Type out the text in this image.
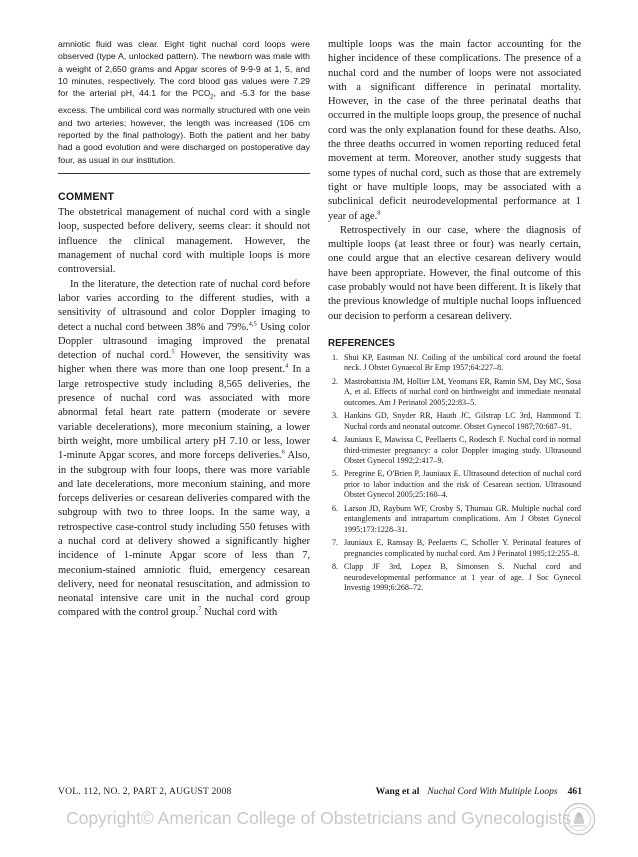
amniotic fluid was clear. Eight tight nuchal cord loops were observed (type A, unlocked pattern). The newborn was male with a weight of 2,650 grams and Apgar scores of 9-9-9 at 1, 5, and 10 minutes, respectively. The cord blood gas values were 7.29 for the arterial pH, 44.1 for the $PCO_2$, and -5.3 for the base excess. The umbilical cord was normally structured with one vein and two arteries; however, the length was increased (106 cm reported by the final pathology). Both the patient and her baby had a good evolution and were discharged on postoperative day four, as usual in our institution.

COMMENT

The obstetrical management of nuchal cord with a single loop, suspected before delivery, seems clear: it should not influence the clinical management. However, the management of nuchal cord with multiple loops is more controversial.

In the literature, the detection rate of nuchal cord before labor varies according to the different studies, with a sensitivity of ultrasound and color Doppler imaging to detect a nuchal cord between 38% and 79%.$^{4,5}$ Using color Doppler ultrasound imaging improved the prenatal detection of nuchal cord.$^5$ However, the sensitivity was higher when there was more than one loop present.$^4$ In a large retrospective study including 8,565 deliveries, the presence of nuchal cord was associated with more abnormal fetal heart rate pattern (moderate or severe variable decelerations), more meconium staining, a lower birth weight, more umbilical artery pH 7.10 or less, lower 1-minute Apgar scores, and more forceps deliveries.$^6$ Also, in the subgroup with four loops, there was more variable and late decelerations, more meconium staining, and more forceps deliveries or cesarean deliveries compared with the subgroup with two to three loops. In the same way, a retrospective case-control study including 550 fetuses with a nuchal cord at delivery showed a significantly higher incidence of 1-minute Apgar score of less than 7, meconium-stained amniotic fluid, emergency cesarean delivery, need for neonatal resuscitation, and admission to neonatal intensive care unit in the nuchal cord group compared with the control group.$^7$ Nuchal cord with

multiple loops was the main factor accounting for the higher incidence of these complications. The presence of a nuchal cord and the number of loops were not associated with a significant difference in perinatal mortality. However, in the case of the three perinatal deaths that occurred in the multiple loops group, the presence of nuchal cord was the only explanation found for these deaths. Also, the three deaths occurred in women reporting reduced fetal movement at term. Moreover, another study suggests that some types of nuchal cord, such as those that are extremely tight or have multiple loops, may be associated with a subclinical deficit neurodevelopmental performance at 1 year of age.$^8$

Retrospectively in our case, where the diagnosis of multiple loops (at least three or four) was nearly certain, one could argue that an elective cesarean delivery would have been appropriate. However, the final outcome of this case probably would not have been different. It is likely that the previous knowledge of multiple nuchal loops influenced our decision to perform a cesarean delivery.

REFERENCES
1. Shui KP, Eastman NJ. Coiling of the umbilical cord around the foetal neck. J Obstet Gynaecol Br Emp 1957;64:227–8.
2. Mastrobattista JM, Hollier LM, Yeomans ER, Ramin SM, Day MC, Sosa A, et al. Effects of nuchal cord on birthweight and immediate neonatal outcomes. Am J Perinatol 2005;22:83–5.
3. Hankins GD, Snyder RR, Hauth JC, Gilstrap LC 3rd, Hammond T. Nuchal cords and neonatal outcome. Obstet Gynecol 1987;70:687–91.
4. Jauniaux E, Mawissa C, Peellaerts C, Rodesch F. Nuchal cord in normal third-trimester pregnancy: a color Doppler imaging study. Ultrasound Obstet Gynecol 1992;2:417–9.
5. Peregrine E, O'Brien P, Jauniaux E. Ultrasound detection of nuchal cord prior to labor induction and the risk of Cesarean section. Ultrasound Obstet Gynecol 2005;25:160–4.
6. Larson JD, Rayburn WF, Crosby S, Thurnau GR. Multiple nuchal cord entanglements and intrapartum complications. Am J Obstet Gynecol 1995;173:1228–31.
7. Jauniaux E, Ramsay B, Peelaerts C, Scholler Y. Perinatal features of pregnancies complicated by nuchal cord. Am J Perinatol 1995;12:255–8.
8. Clapp JF 3rd, Lopez B, Simonsen S. Nuchal cord and neurodevelopmental performance at 1 year of age. J Soc Gynecol Investig 1999;6:268–72.
VOL. 112, NO. 2, PART 2, AUGUST 2008	Wang et al Nuchal Cord With Multiple Loops 461
Copyright© American College of Obstetricians and Gynecologists
